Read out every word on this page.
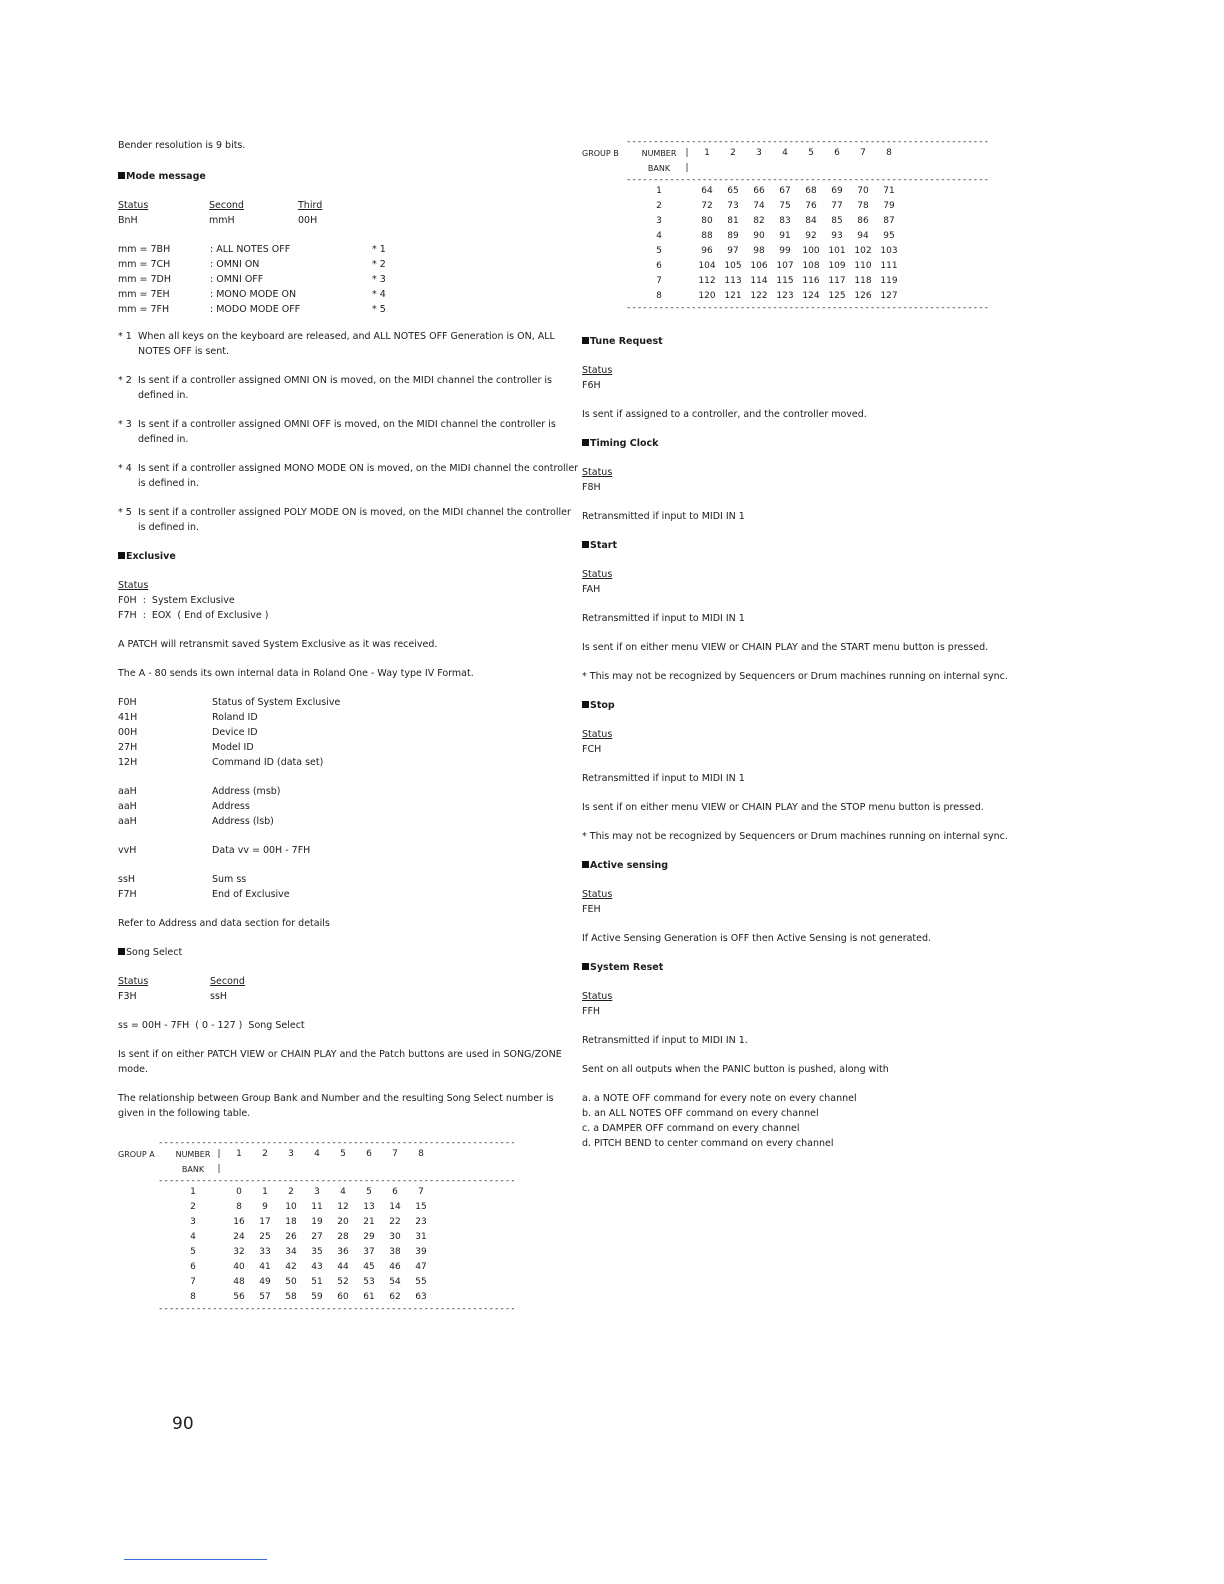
Bender resolution is 9 bits.
Mode message
Status	Second	Third
BnH	mmH	00H
mm = 7BH	: ALL NOTES OFF	* 1
mm = 7CH	: OMNI ON	* 2
mm = 7DH	: OMNI OFF	* 3
mm = 7EH	: MONO MODE ON	* 4
mm = 7FH	: MODO MODE OFF	* 5
* 1 When all keys on the keyboard are released, and ALL NOTES OFF Generation is ON, ALL NOTES OFF is sent.
* 2 Is sent if a controller assigned OMNI ON is moved, on the MIDI channel the controller is defined in.
* 3 Is sent if a controller assigned OMNI OFF is moved, on the MIDI channel the controller is defined in.
* 4 Is sent if a controller assigned MONO MODE ON is moved, on the MIDI channel the controller is defined in.
* 5 Is sent if a controller assigned POLY MODE ON is moved, on the MIDI channel the controller is defined in.
Exclusive
Status
F0H  :  System Exclusive
F7H  :  EOX  ( End of Exclusive )
A PATCH will retransmit saved System Exclusive as it was received.
The A - 80 sends its own internal data in Roland One - Way type IV Format.
F0H	Status of System Exclusive
41H	Roland ID
00H	Device ID
27H	Model ID
12H	Command ID (data set)
aaH	Address (msb)
aaH	Address
aaH	Address (lsb)
vvH	Data vv = 00H - 7FH
ssH	Sum ss
F7H	End of Exclusive
Refer to Address and data section for details
Song Select
Status	Second
F3H	ssH
ss = 00H - 7FH  ( 0 - 127 )  Song Select
Is sent if on either PATCH VIEW or CHAIN PLAY and the Patch buttons are used in SONG/ZONE mode.
The relationship between Group Bank and Number and the resulting Song Select number is given in the following table.
------------------------------------------------------------------
GROUP A	NUMBER	|	1	2	3	4	5	6	7	8
	BANK	|								
------------------------------------------------------------------
	1		0	1	2	3	4	5	6	7
	2		8	9	10	11	12	13	14	15
	3		16	17	18	19	20	21	22	23
	4		24	25	26	27	28	29	30	31
	5		32	33	34	35	36	37	38	39
	6		40	41	42	43	44	45	46	47
	7		48	49	50	51	52	53	54	55
	8		56	57	58	59	60	61	62	63
------------------------------------------------------------------
-------------------------------------------------------------------
GROUP B	NUMBER	|	1	2	3	4	5	6	7	8
	BANK	|								
-------------------------------------------------------------------
	1		64	65	66	67	68	69	70	71
	2		72	73	74	75	76	77	78	79
	3		80	81	82	83	84	85	86	87
	4		88	89	90	91	92	93	94	95
	5		96	97	98	99	100	101	102	103
	6		104	105	106	107	108	109	110	111
	7		112	113	114	115	116	117	118	119
	8		120	121	122	123	124	125	126	127
-------------------------------------------------------------------
Tune Request
Status
F6H
Is sent if assigned to a controller, and the controller moved.
Timing Clock
Status
F8H
Retransmitted if input to MIDI IN 1
Start
Status
FAH
Retransmitted if input to MIDI IN 1
Is sent if on either menu VIEW or CHAIN PLAY and the START menu button is pressed.
* This may not be recognized by Sequencers or Drum machines running on internal sync.
Stop
Status
FCH
Retransmitted if input to MIDI IN 1
Is sent if on either menu VIEW or CHAIN PLAY and the STOP menu button is pressed.
* This may not be recognized by Sequencers or Drum machines running on internal sync.
Active sensing
Status
FEH
If Active Sensing Generation is OFF then Active Sensing is not generated.
System Reset
Status
FFH
Retransmitted if input to MIDI IN 1.
Sent on all outputs when the PANIC button is pushed, along with
a. a NOTE OFF command for every note on every channel
b. an ALL NOTES OFF command on every channel
c. a DAMPER OFF command on every channel
d. PITCH BEND to center command on every channel
90
